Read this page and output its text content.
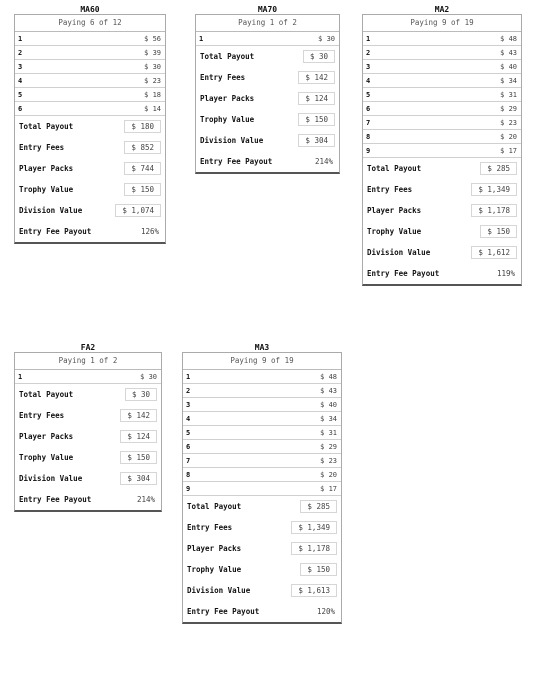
MA60
Paying 6 of 12
1	$ 56
2	$ 39
3	$ 30
4	$ 23
5	$ 18
6	$ 14
Total Payout	$ 180
Entry Fees	$ 852
Player Packs	$ 744
Trophy Value	$ 150
Division Value	$ 1,074
Entry Fee Payout	126%
MA70
Paying 1 of 2
1	$ 30
Total Payout	$ 30
Entry Fees	$ 142
Player Packs	$ 124
Trophy Value	$ 150
Division Value	$ 304
Entry Fee Payout	214%
MA2
Paying 9 of 19
1	$ 48
2	$ 43
3	$ 40
4	$ 34
5	$ 31
6	$ 29
7	$ 23
8	$ 20
9	$ 17
Total Payout	$ 285
Entry Fees	$ 1,349
Player Packs	$ 1,178
Trophy Value	$ 150
Division Value	$ 1,612
Entry Fee Payout	119%
FA2
Paying 1 of 2
1	$ 30
Total Payout	$ 30
Entry Fees	$ 142
Player Packs	$ 124
Trophy Value	$ 150
Division Value	$ 304
Entry Fee Payout	214%
MA3
Paying 9 of 19
1	$ 48
2	$ 43
3	$ 40
4	$ 34
5	$ 31
6	$ 29
7	$ 23
8	$ 20
9	$ 17
Total Payout	$ 285
Entry Fees	$ 1,349
Player Packs	$ 1,178
Trophy Value	$ 150
Division Value	$ 1,613
Entry Fee Payout	120%
